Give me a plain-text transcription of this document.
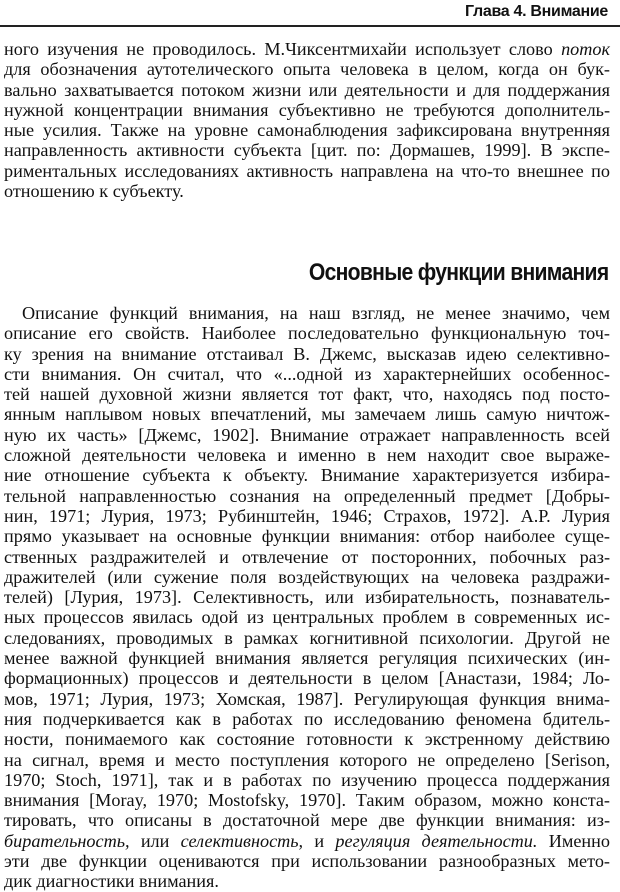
Глава 4. Внимание
ного изучения не проводилось. М.Чиксентмихайи использует слово поток
для обозначения аутотелического опыта человека в целом, когда он бук-
вально захватывается потоком жизни или деятельности и для поддержания
нужной концентрации внимания субъективно не требуются дополнитель-
ные усилия. Также на уровне самонаблюдения зафиксирована внутренняя
направленность активности субъекта [цит. по: Дормашев, 1999]. В экспе-
риментальных исследованиях активность направлена на что-то внешнее по
отношению к субъекту.
Основные функции внимания
Описание функций внимания, на наш взгляд, не менее значимо, чем
описание его свойств. Наиболее последовательно функциональную точ-
ку зрения на внимание отстаивал В. Джемс, высказав идею селективно-
сти внимания. Он считал, что «...одной из характернейших особеннос-
тей нашей духовной жизни является тот факт, что, находясь под посто-
янным наплывом новых впечатлений, мы замечаем лишь самую ничтож-
ную их часть» [Джемс, 1902]. Внимание отражает направленность всей
сложной деятельности человека и именно в нем находит свое выраже-
ние отношение субъекта к объекту. Внимание характеризуется избира-
тельной направленностью сознания на определенный предмет [Добры-
нин, 1971; Лурия, 1973; Рубинштейн, 1946; Страхов, 1972]. А.Р. Лурия
прямо указывает на основные функции внимания: отбор наиболее суще-
ственных раздражителей и отвлечение от посторонних, побочных раз-
дражителей (или сужение поля воздействующих на человека раздражи-
телей) [Лурия, 1973]. Селективность, или избирательность, познаватель-
ных процессов явилась одой из центральных проблем в современных ис-
следованиях, проводимых в рамках когнитивной психологии. Другой не
менее важной функцией внимания является регуляция психических (ин-
формационных) процессов и деятельности в целом [Анастази, 1984; Ло-
мов, 1971; Лурия, 1973; Хомская, 1987]. Регулирующая функция внима-
ния подчеркивается как в работах по исследованию феномена бдитель-
ности, понимаемого как состояние готовности к экстренному действию
на сигнал, время и место поступления которого не определено [Serison,
1970; Stoch, 1971], так и в работах по изучению процесса поддержания
внимания [Moray, 1970; Mostofsky, 1970]. Таким образом, можно конста-
тировать, что описаны в достаточной мере две функции внимания: из-
бирательность, или селективность, и регуляция деятельности. Именно
эти две функции оцениваются при использовании разнообразных мето-
дик диагностики внимания.
